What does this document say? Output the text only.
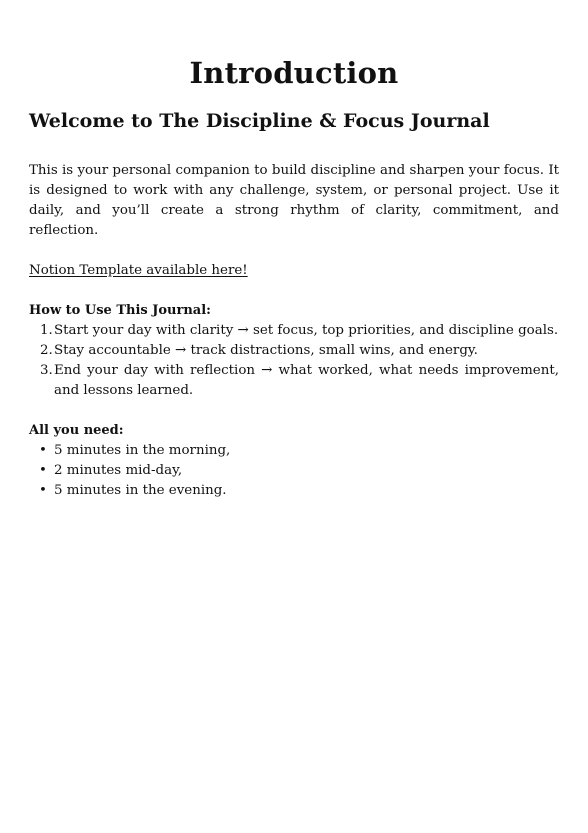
Introduction
Welcome to The Discipline & Focus Journal

This is your personal companion to build discipline and sharpen your focus. It is designed to work with any challenge, system, or personal project. Use it daily, and you’ll create a strong rhythm of clarity, commitment, and reflection.

Notion Template available here!

How to Use This Journal:

1. Start your day with clarity → set focus, top priorities, and discipline goals.
2. Stay accountable → track distractions, small wins, and energy.
3. End your day with reflection → what worked, what needs improvement, and lessons learned.

All you need:

• 5 minutes in the morning,
• 2 minutes mid-day,
• 5 minutes in the evening.
